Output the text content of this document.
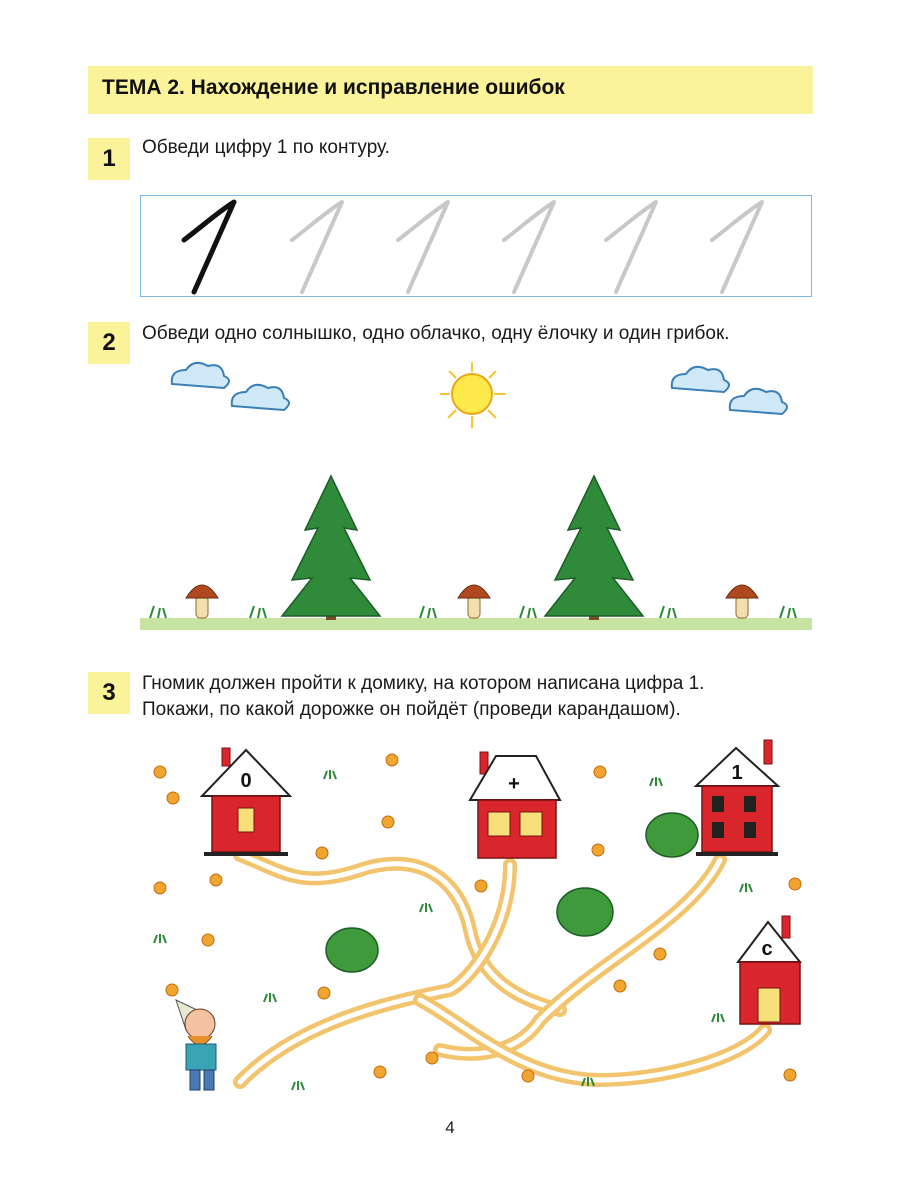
ТЕМА 2. Нахождение и исправление ошибок
1	Обведи цифру 1 по контуру.
2	Обведи одно солнышко, одно облачко, одну ёлочку и один грибок.
3	Гномик должен пройти к домику, на котором написана цифра 1.
Покажи, по какой дорожке он пойдёт (проведи карандашом).
0	+	1
с
4
